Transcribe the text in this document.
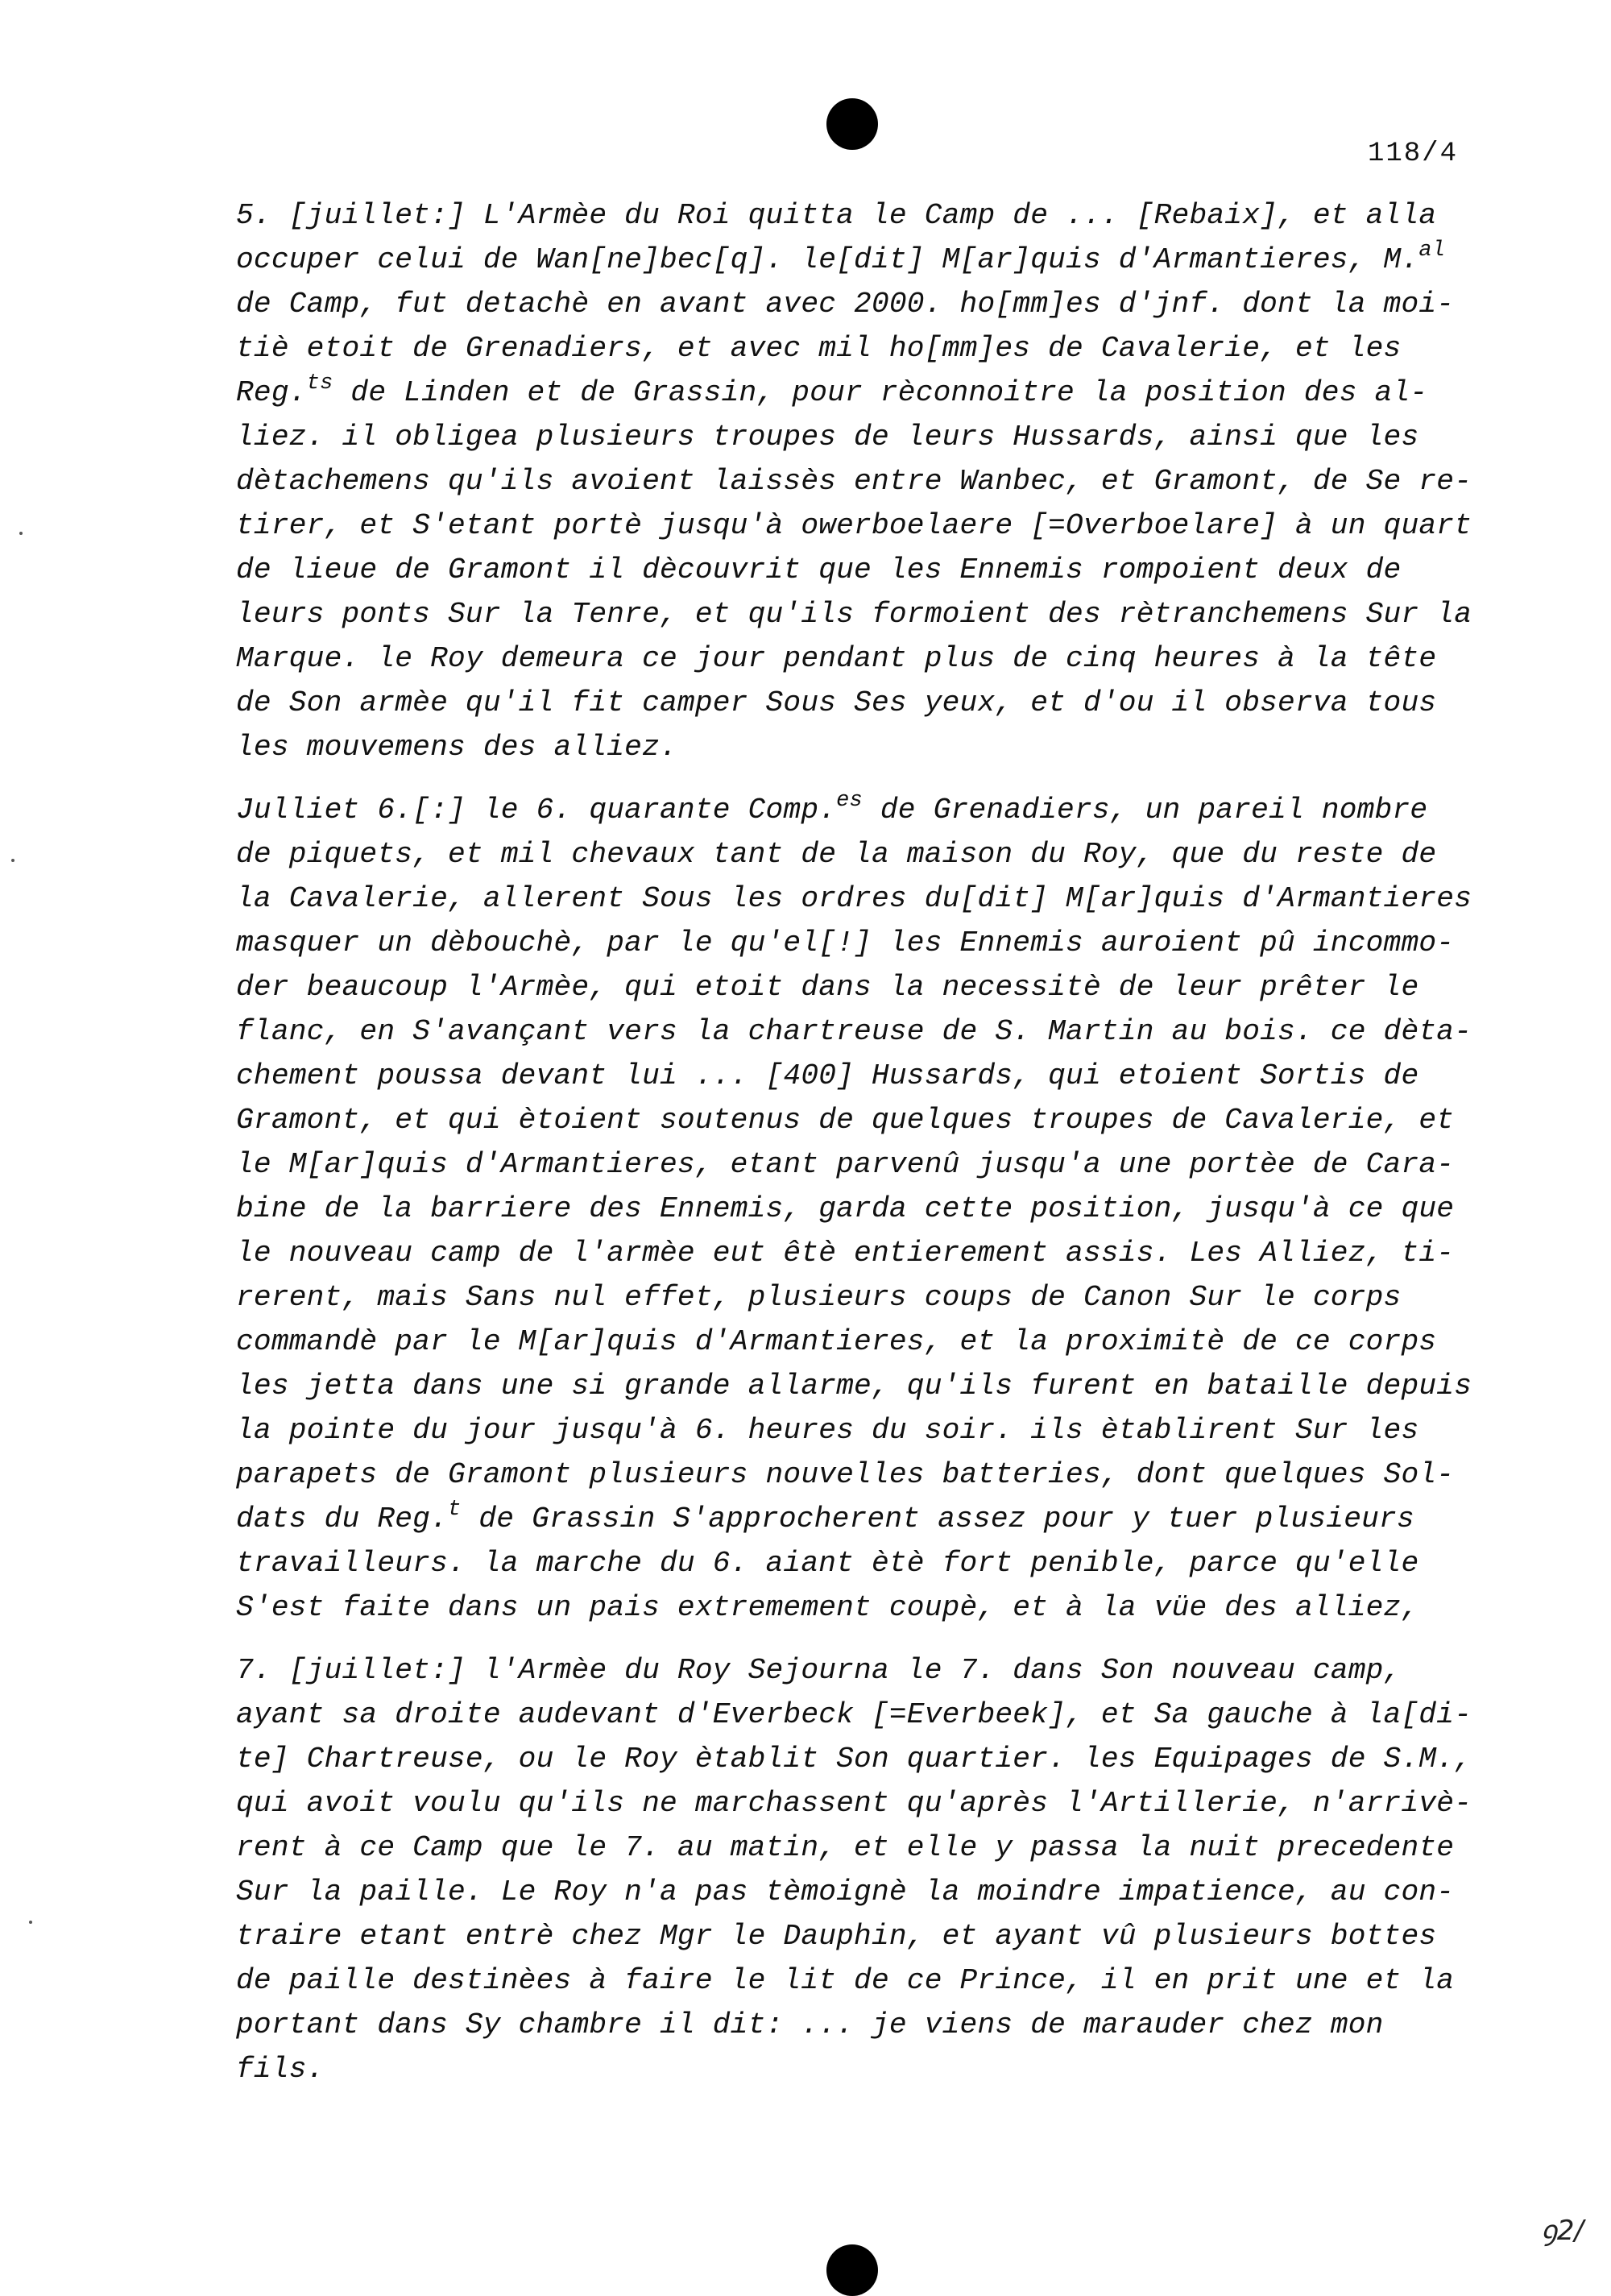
118/4
5. [juillet:] L'Armèe du Roi quitta le Camp de ... [Rebaix], et alla
occuper celui de Wan[ne]bec[q]. le[dit] M[ar]quis d'Armantieres, M.$^{al}$
de Camp, fut detachè en avant avec 2000. ho[mm]es d'jnf. dont la moi-
tiè etoit de Grenadiers, et avec mil ho[mm]es de Cavalerie, et les
Reg.$^{ts}$ de Linden et de Grassin, pour rèconnoitre la position des al-
liez. il obligea plusieurs troupes de leurs Hussards, ainsi que les
dètachemens qu'ils avoient laissès entre Wanbec, et Gramont, de Se re-
tirer, et S'etant portè jusqu'à owerboelaere [=Overboelare] à un quart
de lieue de Gramont il dècouvrit que les Ennemis rompoient deux de
leurs ponts Sur la Tenre, et qu'ils formoient des rètranchemens Sur la
Marque. le Roy demeura ce jour pendant plus de cinq heures à la tête
de Son armèe qu'il fit camper Sous Ses yeux, et d'ou il observa tous
les mouvemens des alliez.
Julliet 6.[:] le 6. quarante Comp.$^{es}$ de Grenadiers, un pareil nombre
de piquets, et mil chevaux tant de la maison du Roy, que du reste de
la Cavalerie, allerent Sous les ordres du[dit] M[ar]quis d'Armantieres
masquer un dèbouchè, par le qu'el[!] les Ennemis auroient pû incommo-
der beaucoup l'Armèe, qui etoit dans la necessitè de leur prêter le
flanc, en S'avançant vers la chartreuse de S. Martin au bois. ce dèta-
chement poussa devant lui ... [400] Hussards, qui etoient Sortis de
Gramont, et qui ètoient soutenus de quelques troupes de Cavalerie, et
le M[ar]quis d'Armantieres, etant parvenû jusqu'a une portèe de Cara-
bine de la barriere des Ennemis, garda cette position, jusqu'à ce que
le nouveau camp de l'armèe eut êtè entierement assis. Les Alliez, ti-
rerent, mais Sans nul effet, plusieurs coups de Canon Sur le corps
commandè par le M[ar]quis d'Armantieres, et la proximitè de ce corps
les jetta dans une si grande allarme, qu'ils furent en bataille depuis
la pointe du jour jusqu'à 6. heures du soir. ils ètablirent Sur les
parapets de Gramont plusieurs nouvelles batteries, dont quelques Sol-
dats du Reg.$^t$ de Grassin S'approcherent assez pour y tuer plusieurs
travailleurs. la marche du 6. aiant ètè fort penible, parce qu'elle
S'est faite dans un pais extremement coupè, et à la vüe des alliez,
7. [juillet:] l'Armèe du Roy Sejourna le 7. dans Son nouveau camp,
ayant sa droite audevant d'Everbeck [=Everbeek], et Sa gauche à la[di-
te] Chartreuse, ou le Roy ètablit Son quartier. les Equipages de S.M.,
qui avoit voulu qu'ils ne marchassent qu'après l'Artillerie, n'arrivè-
rent à ce Camp que le 7. au matin, et elle y passa la nuit precedente
Sur la paille. Le Roy n'a pas tèmoignè la moindre impatience, au con-
traire etant entrè chez Mgr le Dauphin, et ayant vû plusieurs bottes
de paille destinèes à faire le lit de ce Prince, il en prit une et la
portant dans Sy chambre il dit: ... je viens de marauder chez mon
fils.
ꝯ2/
